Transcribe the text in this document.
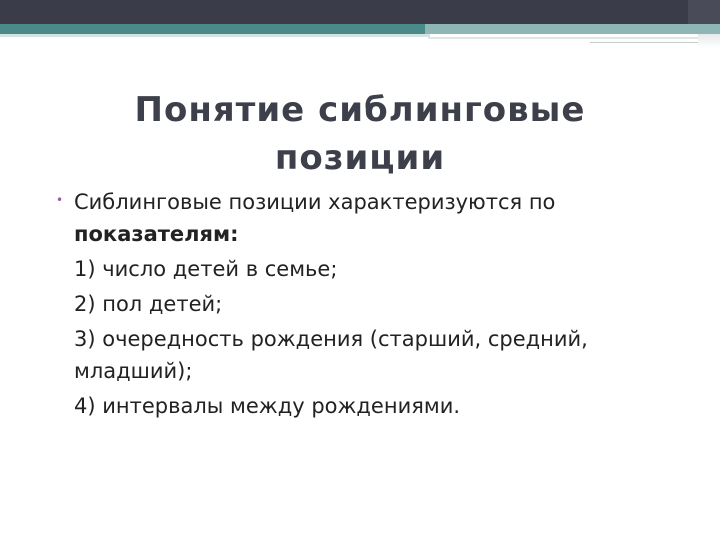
Понятие сиблинговые позиции
• Сиблинговые позиции характеризуются по показателям:
1) число детей в семье;
2) пол детей;
3) очередность рождения (старший, средний, младший);
4) интервалы между рождениями.
